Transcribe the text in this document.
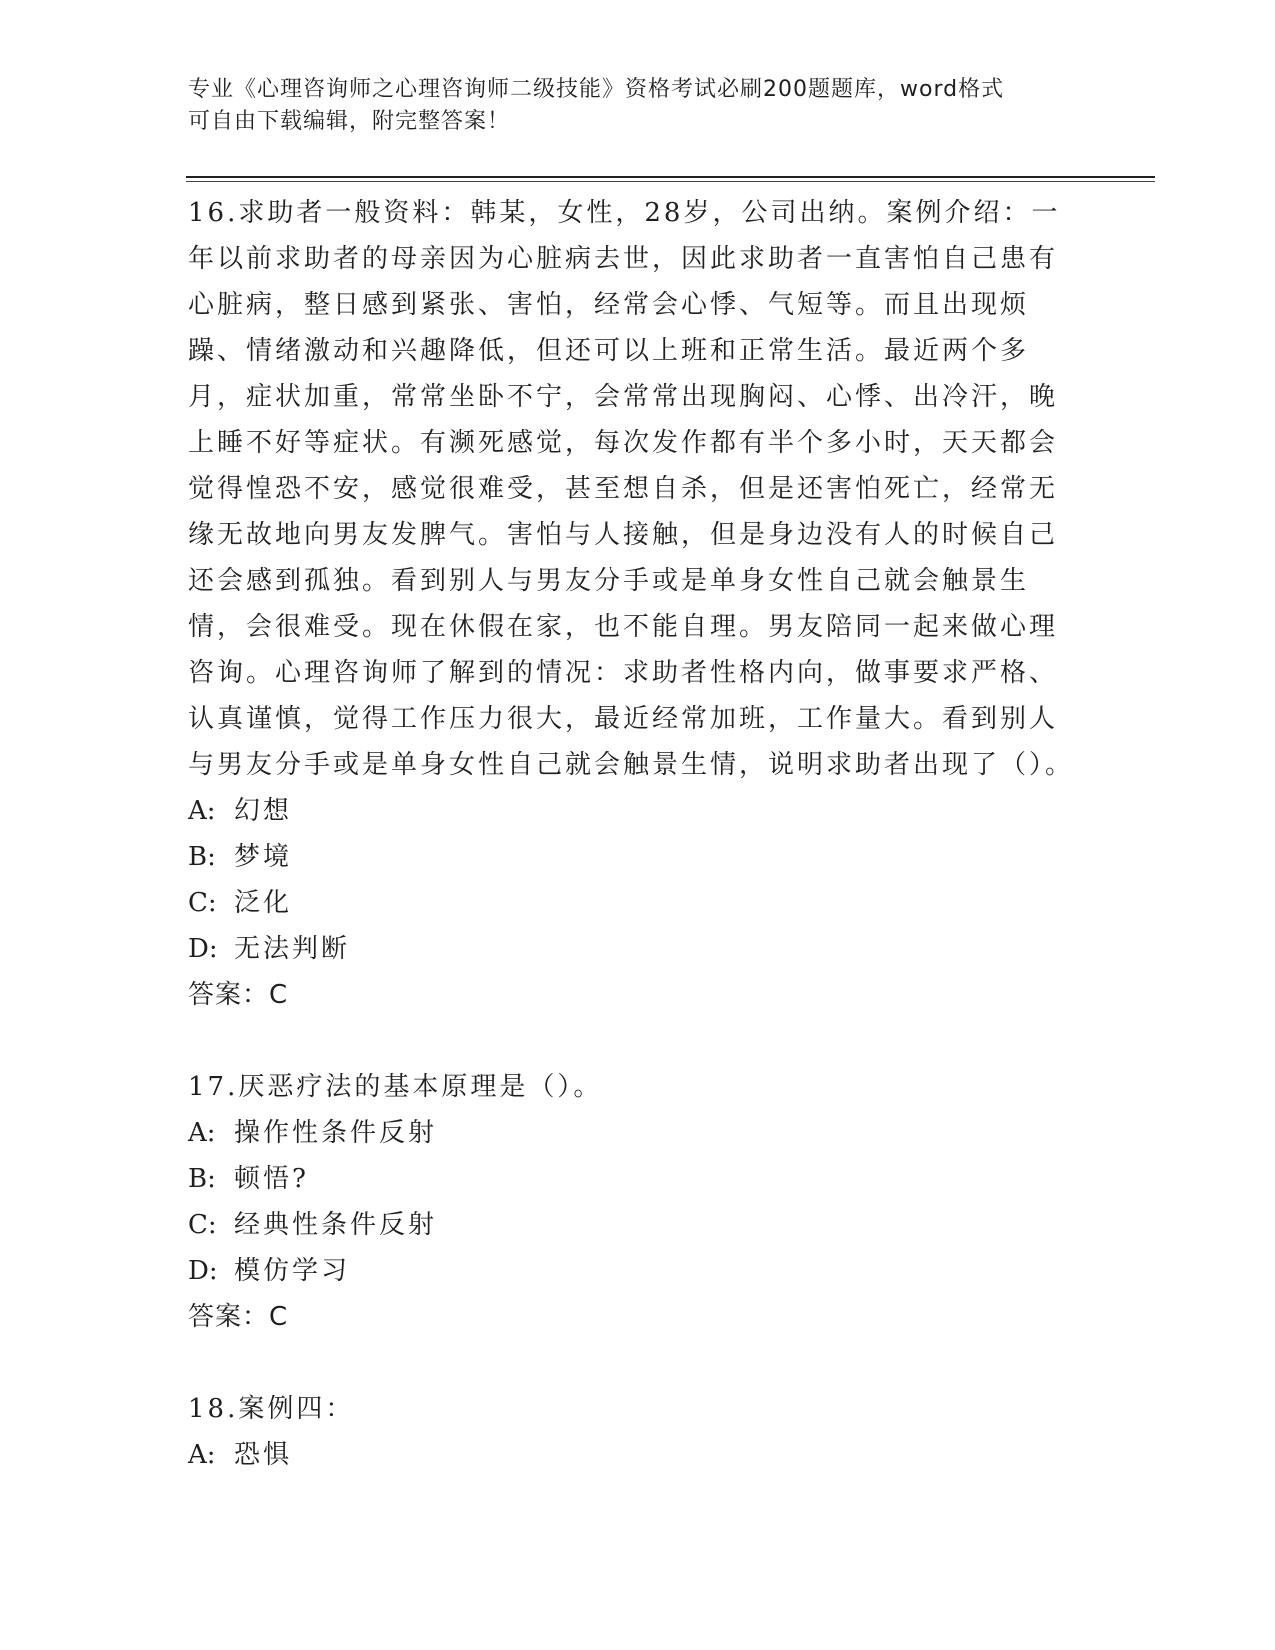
专业《心理咨询师之心理咨询师二级技能》资格考试必刷200题题库，word格式
可自由下载编辑，附完整答案！

16.求助者一般资料：韩某，女性，28岁，公司出纳。案例介绍：一年以前求助者的母亲因为心脏病去世，因此求助者一直害怕自己患有心脏病，整日感到紧张、害怕，经常会心悸、气短等。而且出现烦躁、情绪激动和兴趣降低，但还可以上班和正常生活。最近两个多月，症状加重，常常坐卧不宁，会常常出现胸闷、心悸、出冷汗，晚上睡不好等症状。有濒死感觉，每次发作都有半个多小时，天天都会觉得惶恐不安，感觉很难受，甚至想自杀，但是还害怕死亡，经常无缘无故地向男友发脾气。害怕与人接触，但是身边没有人的时候自己还会感到孤独。看到别人与男友分手或是单身女性自己就会触景生情，会很难受。现在休假在家，也不能自理。男友陪同一起来做心理咨询。心理咨询师了解到的情况：求助者性格内向，做事要求严格、认真谨慎，觉得工作压力很大，最近经常加班，工作量大。看到别人与男友分手或是单身女性自己就会触景生情，说明求助者出现了（）。

A: 幻想

B: 梦境

C: 泛化

D: 无法判断

答案：C

17.厌恶疗法的基本原理是（）。

A: 操作性条件反射

B: 顿悟?

C: 经典性条件反射

D: 模仿学习

答案：C

18.案例四：

A: 恐惧
